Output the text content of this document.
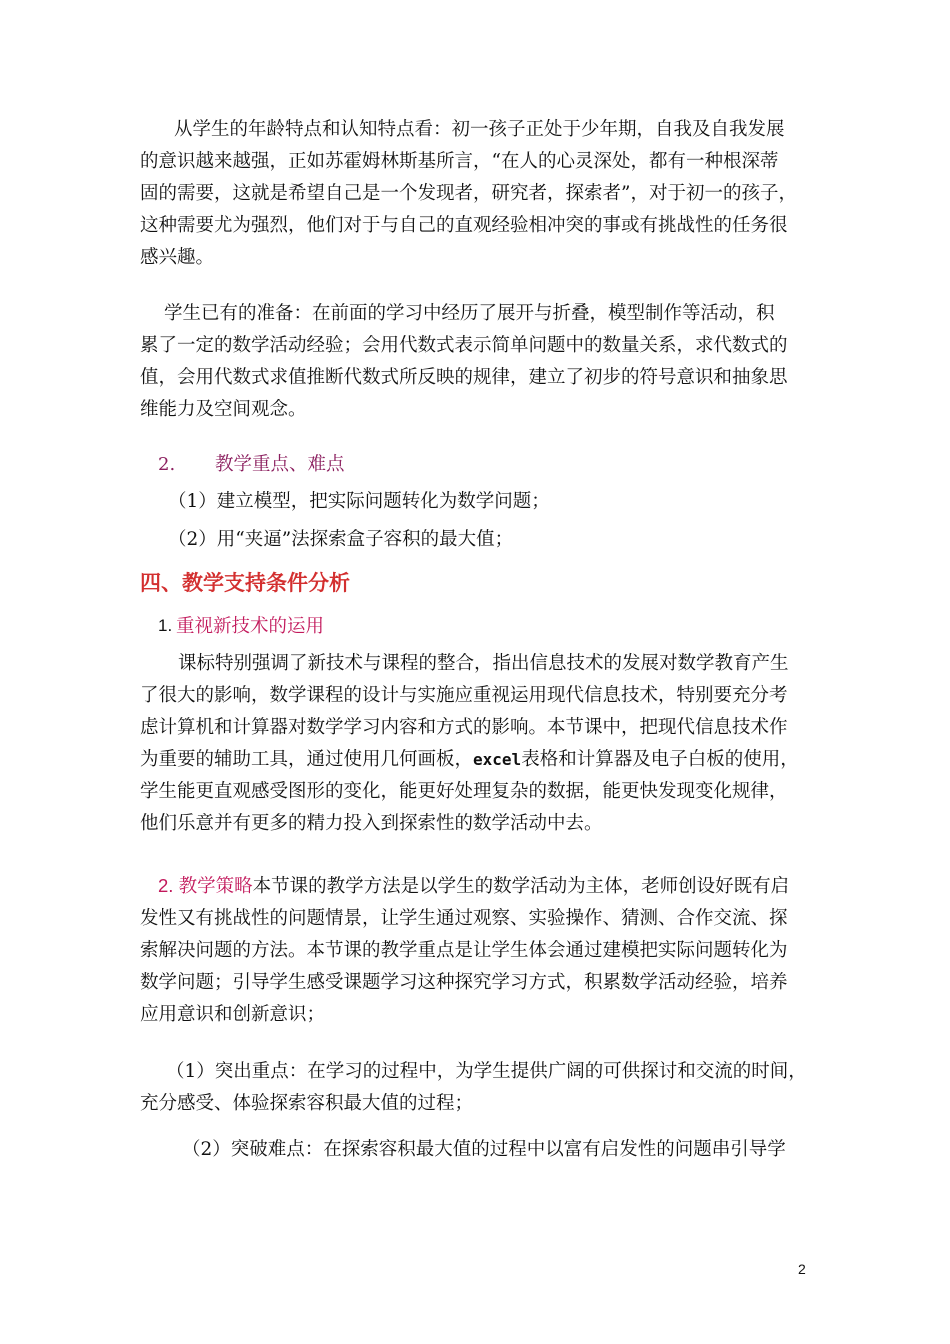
从学生的年龄特点和认知特点看：初一孩子正处于少年期，自我及自我发展
的意识越来越强，正如苏霍姆林斯基所言，“在人的心灵深处，都有一种根深蒂
固的需要，这就是希望自己是一个发现者，研究者，探索者”，对于初一的孩子，
这种需要尤为强烈，他们对于与自己的直观经验相冲突的事或有挑战性的任务很
感兴趣。
学生已有的准备：在前面的学习中经历了展开与折叠，模型制作等活动，积
累了一定的数学活动经验；会用代数式表示简单问题中的数量关系，求代数式的
值，会用代数式求值推断代数式所反映的规律，建立了初步的符号意识和抽象思
维能力及空间观念。
2. 教学重点、难点
（1）建立模型，把实际问题转化为数学问题；
（2）用“夹逼”法探索盒子容积的最大值；
四、教学支持条件分析
1. 重视新技术的运用
课标特别强调了新技术与课程的整合，指出信息技术的发展对数学教育产生
了很大的影响，数学课程的设计与实施应重视运用现代信息技术，特别要充分考
虑计算机和计算器对数学学习内容和方式的影响。本节课中，把现代信息技术作
为重要的辅助工具，通过使用几何画板，excel表格和计算器及电子白板的使用，
学生能更直观感受图形的变化，能更好处理复杂的数据，能更快发现变化规律，
他们乐意并有更多的精力投入到探索性的数学活动中去。
2. 教学策略本节课的教学方法是以学生的数学活动为主体，老师创设好既有启
发性又有挑战性的问题情景，让学生通过观察、实验操作、猜测、合作交流、探
索解决问题的方法。本节课的教学重点是让学生体会通过建模把实际问题转化为
数学问题；引导学生感受课题学习这种探究学习方式，积累数学活动经验，培养
应用意识和创新意识；
（1）突出重点：在学习的过程中，为学生提供广阔的可供探讨和交流的时间，
充分感受、体验探索容积最大值的过程；
（2）突破难点：在探索容积最大值的过程中以富有启发性的问题串引导学
2
